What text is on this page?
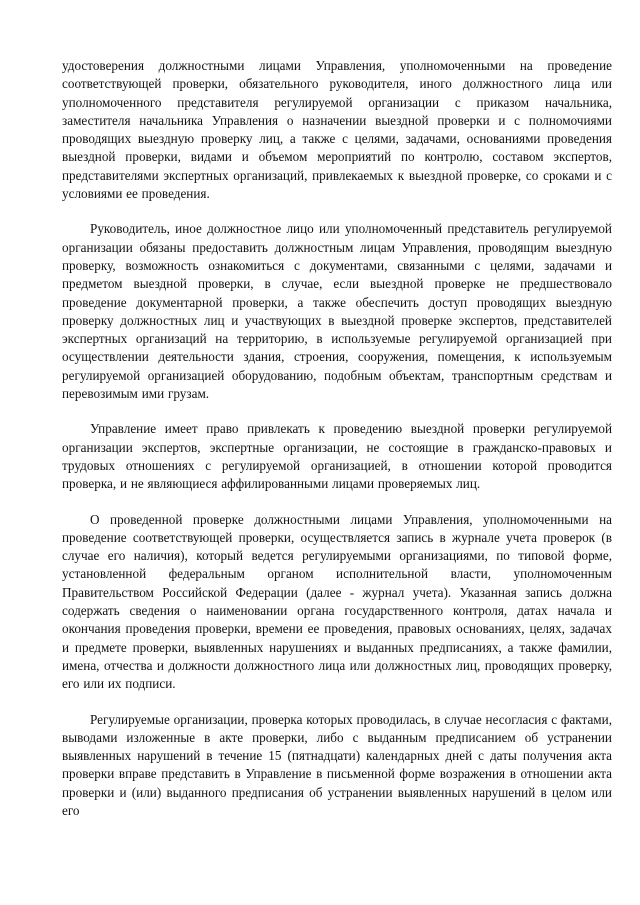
удостоверения должностными лицами Управления, уполномоченными на проведение соответствующей проверки, обязательного руководителя, иного должностного лица или уполномоченного представителя регулируемой организации с приказом начальника, заместителя начальника Управления о назначении выездной проверки и с полномочиями проводящих выездную проверку лиц, а также с целями, задачами, основаниями проведения выездной проверки, видами и объемом мероприятий по контролю, составом экспертов, представителями экспертных организаций, привлекаемых к выездной проверке, со сроками и с условиями ее проведения.

Руководитель, иное должностное лицо или уполномоченный представитель регулируемой организации обязаны предоставить должностным лицам Управления, проводящим выездную проверку, возможность ознакомиться с документами, связанными с целями, задачами и предметом выездной проверки, в случае, если выездной проверке не предшествовало проведение документарной проверки, а также обеспечить доступ проводящих выездную проверку должностных лиц и участвующих в выездной проверке экспертов, представителей экспертных организаций на территорию, в используемые регулируемой организацией при осуществлении деятельности здания, строения, сооружения, помещения, к используемым регулируемой организацией оборудованию, подобным объектам, транспортным средствам и перевозимым ими грузам.

Управление имеет право привлекать к проведению выездной проверки регулируемой организации экспертов, экспертные организации, не состоящие в гражданско-правовых и трудовых отношениях с регулируемой организацией, в отношении которой проводится проверка, и не являющиеся аффилированными лицами проверяемых лиц.

О проведенной проверке должностными лицами Управления, уполномоченными на проведение соответствующей проверки, осуществляется запись в журнале учета проверок (в случае его наличия), который ведется регулируемыми организациями, по типовой форме, установленной федеральным органом исполнительной власти, уполномоченным Правительством Российской Федерации (далее - журнал учета). Указанная запись должна содержать сведения о наименовании органа государственного контроля, датах начала и окончания проведения проверки, времени ее проведения, правовых основаниях, целях, задачах и предмете проверки, выявленных нарушениях и выданных предписаниях, а также фамилии, имена, отчества и должности должностного лица или должностных лиц, проводящих проверку, его или их подписи.

Регулируемые организации, проверка которых проводилась, в случае несогласия с фактами, выводами изложенные в акте проверки, либо с выданным предписанием об устранении выявленных нарушений в течение 15 (пятнадцати) календарных дней с даты получения акта проверки вправе представить в Управление в письменной форме возражения в отношении акта проверки и (или) выданного предписания об устранении выявленных нарушений в целом или его
